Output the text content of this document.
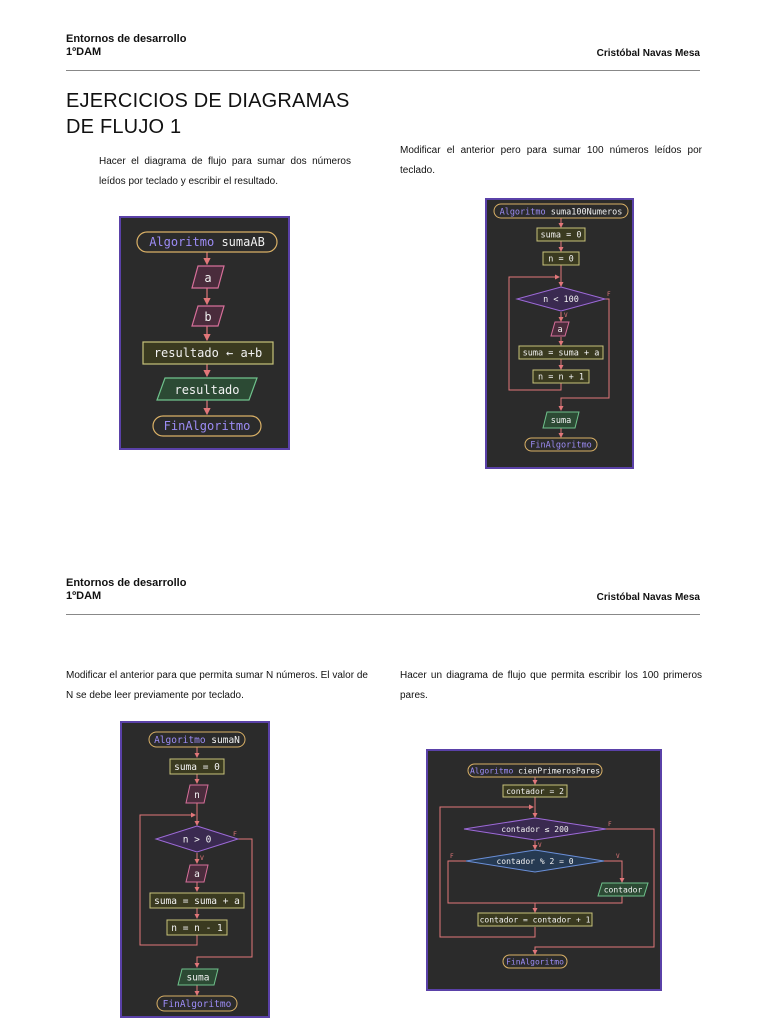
Entornos de desarrollo
1ºDAM	Cristóbal Navas Mesa
EJERCICIOS DE DIAGRAMAS
DE FLUJO 1
Hacer el diagrama de flujo para sumar dos números leídos por teclado y escribir el resultado.
Modificar el anterior pero para sumar 100 números leídos por teclado.
Algoritmo sumaAB
a
b
resultado ← a+b
resultado
FinAlgoritmo
Algoritmo suma100Numeros
suma = 0
n = 0
n < 100
V
F
a
suma = suma + a
n = n + 1
suma
FinAlgoritmo
Entornos de desarrollo
1ºDAM	Cristóbal Navas Mesa
Modificar el anterior para que permita sumar N números. El valor de N se debe leer previamente por teclado.
Hacer un diagrama de flujo que permita escribir los 100 primeros pares.
Algoritmo sumaN
suma = 0
n
n > 0
V
F
a
suma = suma + a
n = n - 1
suma
FinAlgoritmo
Algoritmo cienPrimerosPares
contador = 2
contador ≤ 200
V
F
contador % 2 = 0
F	V
contador
contador = contador + 1
FinAlgoritmo
